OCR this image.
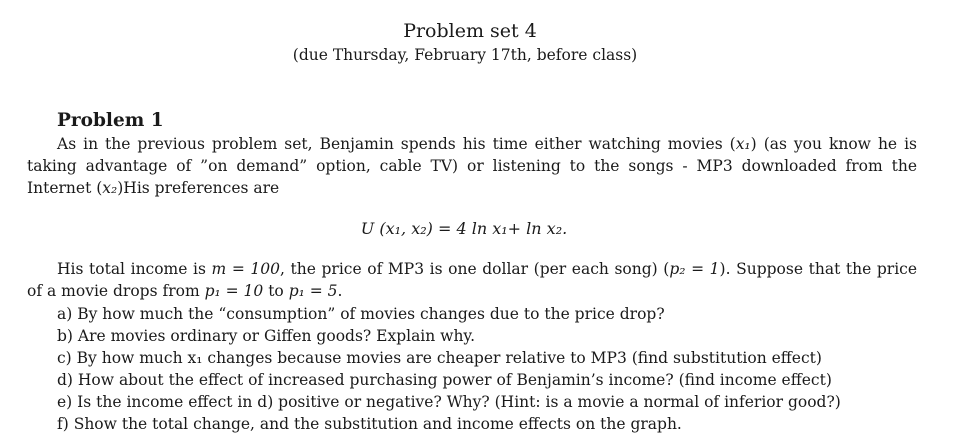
Problem set 4
(due Thursday, February 17th, before class)
Problem 1
As in the previous problem set, Benjamin spends his time either watching movies (x₁) (as you know he is taking advantage of ”on demand” option, cable TV) or listening to the songs - MP3 downloaded from the Internet (x₂)His preferences are
U (x₁, x₂) = 4 ln x₁+ ln x₂.
His total income is m = 100, the price of MP3 is one dollar (per each song) (p₂ = 1). Suppose that the price of a movie drops from p₁ = 10 to p₁ = 5.
a) By how much the “consumption” of movies changes due to the price drop?
b) Are movies ordinary or Giffen goods? Explain why.
c) By how much x₁ changes because movies are cheaper relative to MP3 (find substitution effect)
d) How about the effect of increased purchasing power of Benjamin’s income? (find income effect)
e) Is the income effect in d) positive or negative? Why? (Hint: is a movie a normal of inferior good?)
f) Show the total change, and the substitution and income effects on the graph.
